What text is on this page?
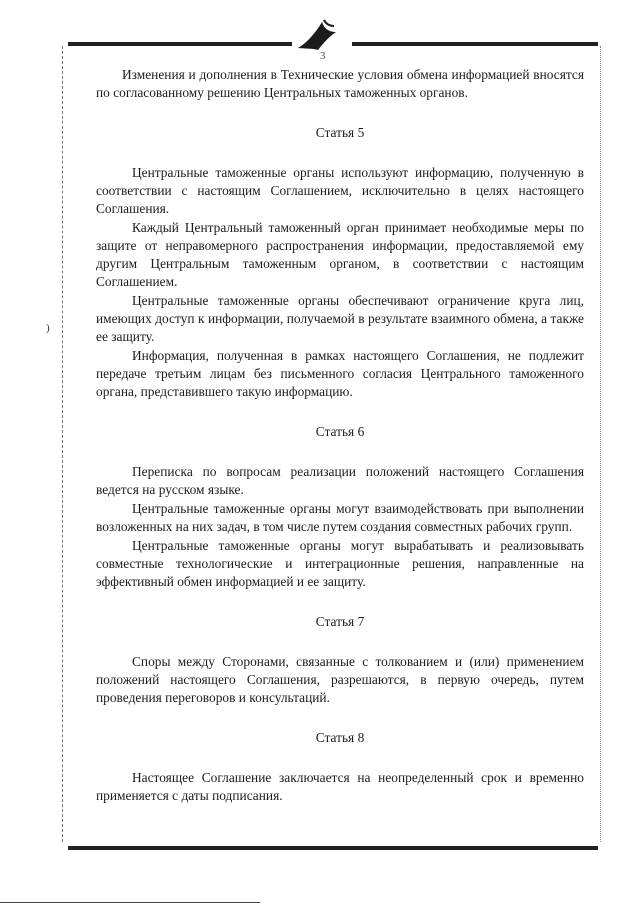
3
)

Изменения и дополнения в Технические условия обмена информацией вносятся по согласованному решению Центральных таможенных органов.

Статья 5

Центральные таможенные органы используют информацию, полученную в соответствии с настоящим Соглашением, исключительно в целях настоящего Соглашения.

Каждый Центральный таможенный орган принимает необходимые меры по защите от неправомерного распространения информации, предоставляемой ему другим Центральным таможенным органом, в соответствии с настоящим Соглашением.

Центральные таможенные органы обеспечивают ограничение круга лиц, имеющих доступ к информации, получаемой в результате взаимного обмена, а также ее защиту.

Информация, полученная в рамках настоящего Соглашения, не подлежит передаче третьим лицам без письменного согласия Центрального таможенного органа, представившего такую информацию.

Статья 6

Переписка по вопросам реализации положений настоящего Соглашения ведется на русском языке.

Центральные таможенные органы могут взаимодействовать при выполнении возложенных на них задач, в том числе путем создания совместных рабочих групп.

Центральные таможенные органы могут вырабатывать и реализовывать совместные технологические и интеграционные решения, направленные на эффективный обмен информацией и ее защиту.

Статья 7

Споры между Сторонами, связанные с толкованием и (или) применением положений настоящего Соглашения, разрешаются, в первую очередь, путем проведения переговоров и консультаций.

Статья 8

Настоящее Соглашение заключается на неопределенный срок и временно применяется с даты подписания.
